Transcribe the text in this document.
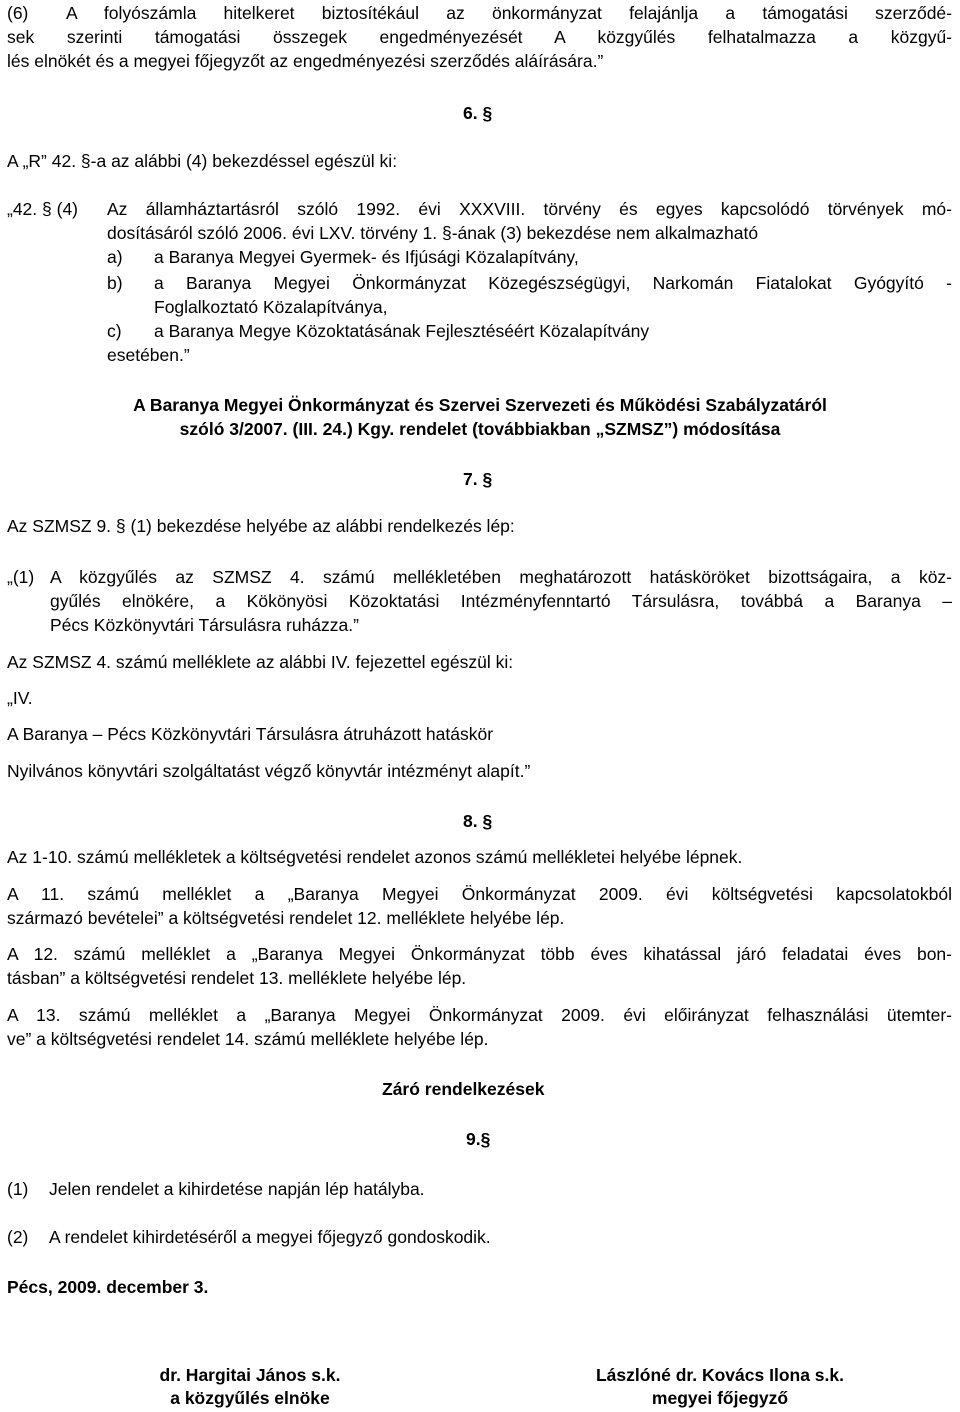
(6) A folyószámla hitelkeret biztosítékául az önkormányzat felajánlja a támogatási szerződé-
sek szerinti támogatási összegek engedményezését A közgyűlés felhatalmazza a közgyű-
lés elnökét és a megyei főjegyzőt az engedményezési szerződés aláírására.”
6. §
A „R” 42. §-a az alábbi (4) bekezdéssel egészül ki:
„42. § (4) Az államháztartásról szóló 1992. évi XXXVIII. törvény és egyes kapcsolódó törvények mó-
dosításáról szóló 2006. évi LXV. törvény 1. §-ának (3) bekezdése nem alkalmazható
a) a Baranya Megyei Gyermek- és Ifjúsági Közalapítvány,
b) a Baranya Megyei Önkormányzat Közegészségügyi, Narkomán Fiatalokat Gyógyító -
Foglalkoztató Közalapítványa,
c) a Baranya Megye Közoktatásának Fejlesztéséért Közalapítvány
esetében.”
A Baranya Megyei Önkormányzat és Szervei Szervezeti és Működési Szabályzatáról
szóló 3/2007. (III. 24.) Kgy. rendelet (továbbiakban „SZMSZ”) módosítása
7. §
Az SZMSZ 9. § (1) bekezdése helyébe az alábbi rendelkezés lép:
„(1) A közgyűlés az SZMSZ 4. számú mellékletében meghatározott hatásköröket bizottságaira, a köz-
gyűlés elnökére, a Kökönyösi Közoktatási Intézményfenntartó Társulásra, továbbá a Baranya –
Pécs Közkönyvtári Társulásra ruházza.”
Az SZMSZ 4. számú melléklete az alábbi IV. fejezettel egészül ki:
„IV.
A Baranya – Pécs Közkönyvtári Társulásra átruházott hatáskör
Nyilvános könyvtári szolgáltatást végző könyvtár intézményt alapít.”
8. §
Az 1-10. számú mellékletek a költségvetési rendelet azonos számú mellékletei helyébe lépnek.
A 11. számú melléklet a „Baranya Megyei Önkormányzat 2009. évi költségvetési kapcsolatokból
származó bevételei” a költségvetési rendelet 12. melléklete helyébe lép.
A 12. számú melléklet a „Baranya Megyei Önkormányzat több éves kihatással járó feladatai éves bon-
tásban” a költségvetési rendelet 13. melléklete helyébe lép.
A 13. számú melléklet a „Baranya Megyei Önkormányzat 2009. évi előirányzat felhasználási ütemter-
ve” a költségvetési rendelet 14. számú melléklete helyébe lép.
Záró rendelkezések
9.§
(1) Jelen rendelet a kihirdetése napján lép hatályba.
(2) A rendelet kihirdetéséről a megyei főjegyző gondoskodik.
Pécs, 2009. december 3.
dr. Hargitai János s.k.
a közgyűlés elnöke
Lászlóné dr. Kovács Ilona s.k.
megyei főjegyző
